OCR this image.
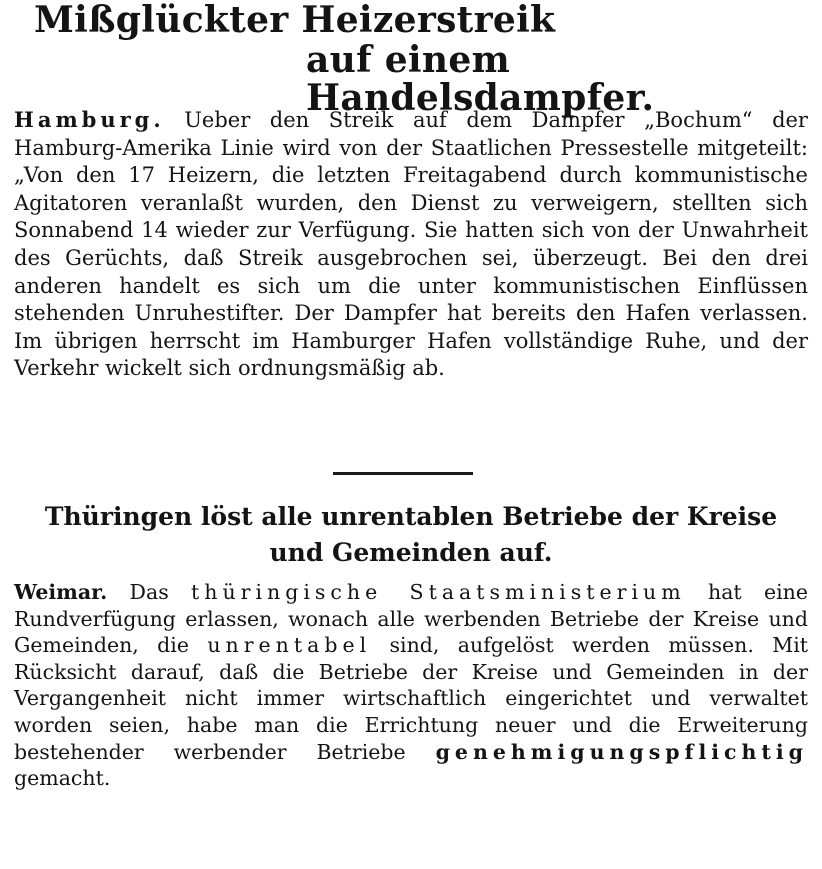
Mißglückter Heizerstreik
auf einem Handelsdampfer.

Hamburg. Ueber den Streik auf dem Dampfer „Bochum“ der Hamburg-Amerika Linie wird von der Staatlichen Pressestelle mitgeteilt: „Von den 17 Heizern, die letzten Freitagabend durch kommunistische Agitatoren veranlaßt wurden, den Dienst zu verweigern, stellten sich Sonnabend 14 wieder zur Verfügung. Sie hatten sich von der Unwahrheit des Gerüchts, daß Streik ausgebrochen sei, überzeugt. Bei den drei anderen handelt es sich um die unter kommunistischen Einflüssen stehenden Unruhestifter. Der Dampfer hat bereits den Hafen verlassen. Im übrigen herrscht im Hamburger Hafen vollständige Ruhe, und der Verkehr wickelt sich ordnungsmäßig ab.

Thüringen löst alle unrentablen Betriebe der Kreise und Gemeinden auf.

Weimar. Das thüringische Staatsministerium hat eine Rundverfügung erlassen, wonach alle werbenden Betriebe der Kreise und Gemeinden, die unrentabel sind, aufgelöst werden müssen. Mit Rücksicht darauf, daß die Betriebe der Kreise und Gemeinden in der Vergangenheit nicht immer wirtschaftlich eingerichtet und verwaltet worden seien, habe man die Errichtung neuer und die Erweiterung bestehender werbender Betriebe genehmigungspflichtig gemacht.
